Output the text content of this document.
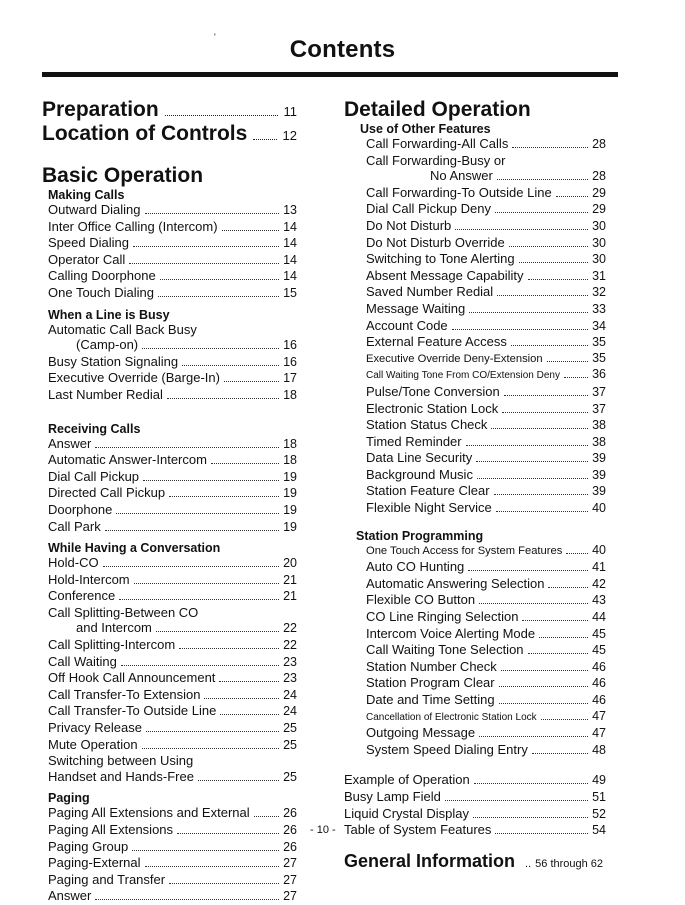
'	Contents
Preparation	11
Location of Controls	12
Basic Operation
Making Calls
Outward Dialing	13
Inter Office Calling (Intercom)	14
Speed Dialing	14
Operator Call	14
Calling Doorphone	14
One Touch Dialing	15
When a Line is Busy
Automatic Call Back Busy
(Camp-on)	16
Busy Station Signaling	16
Executive Override (Barge-In)	17
Last Number Redial	18
Receiving Calls
Answer	18
Automatic Answer-Intercom	18
Dial Call Pickup	19
Directed Call Pickup	19
Doorphone	19
Call Park	19
While Having a Conversation
Hold-CO	20
Hold-Intercom	21
Conference	21
Call Splitting-Between CO
and Intercom	22
Call Splitting-Intercom	22
Call Waiting	23
Off Hook Call Announcement	23
Call Transfer-To Extension	24
Call Transfer-To Outside Line	24
Privacy Release	25
Mute Operation	25
Switching between Using
Handset and Hands-Free	25
Paging
Paging All Extensions and External	26
Paging All Extensions	26
Paging Group	26
Paging-External	27
Paging and Transfer	27
Answer	27
Detailed Operation
Use of Other Features
Call Forwarding-All Calls	28
Call Forwarding-Busy or
No Answer	28
Call Forwarding-To Outside Line	29
Dial Call Pickup Deny	29
Do Not Disturb	30
Do Not Disturb Override	30
Switching to Tone Alerting	30
Absent Message Capability	31
Saved Number Redial	32
Message Waiting	33
Account Code	34
External Feature Access	35
Executive Override Deny-Extension	35
Call Waiting Tone From CO/Extension Deny	36
Pulse/Tone Conversion	37
Electronic Station Lock	37
Station Status Check	38
Timed Reminder	38
Data Line Security	39
Background Music	39
Station Feature Clear	39
Flexible Night Service	40
Station Programming
One Touch Access for System Features 40
Auto CO Hunting	41
Automatic Answering Selection	42
Flexible CO Button	43
CO Line Ringing Selection	44
Intercom Voice Alerting Mode	45
Call Waiting Tone Selection	45
Station Number Check	46
Station Program Clear	46
Date and Time Setting	46
Cancellation of Electronic Station Lock	47
Outgoing Message	47
System Speed Dialing Entry	48
Example of Operation	49
Busy Lamp Field	51
Liquid Crystal Display	52
Table of System Features	54
General Information .. 56 through 62
- 10 -
